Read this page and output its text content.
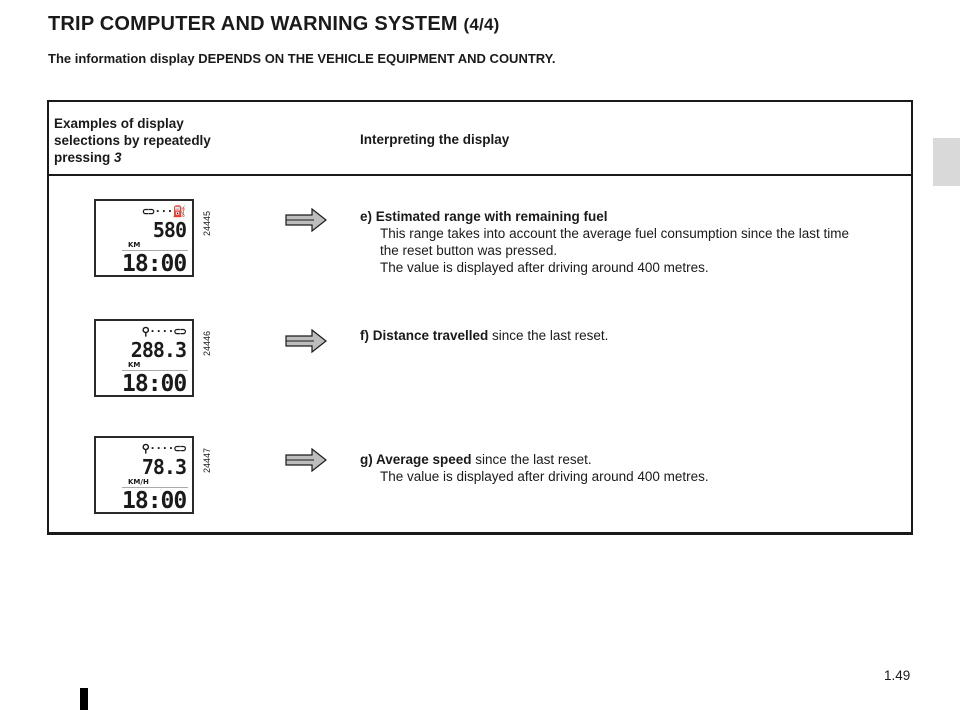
TRIP COMPUTER AND WARNING SYSTEM (4/4)
The information display DEPENDS ON THE VEHICLE EQUIPMENT AND COUNTRY.
Examples of display
selections by repeatedly
pressing 3
Interpreting the display
⊂⊃···⛽
580
KM
18:00
24445	e) Estimated range with remaining fuel
This range takes into account the average fuel consumption since the last time
the reset button was pressed.
The value is displayed after driving around 400 metres.
⚲····⊂⊃
288.3
KM
18:00
24446	f) Distance travelled since the last reset.
⚲····⊂⊃
78.3
KM/H
18:00
24447	g) Average speed since the last reset.
The value is displayed after driving around 400 metres.
1.49
